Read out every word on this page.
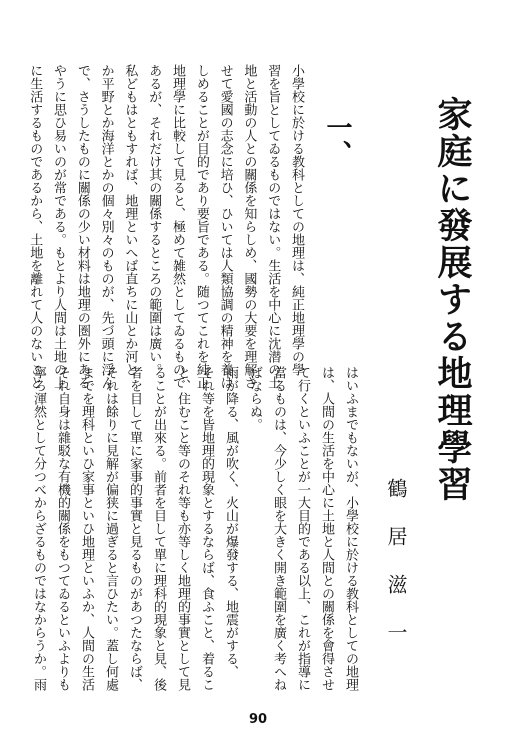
家庭に發展する地理學習
鶴居滋一
一、
小學校に於ける教科としての地理は、純正地理學の學
習を旨としてゐるものではない。生活を中心に沈潜の土
地と活動の人との關係を知らしめ、國勢の大要を理解さ
せて愛國の志念に培ひ、ひいては人類協調の精神を養は
しめることが目的であり要旨である。随つてこれを純正
地理學に比較して見ると、極めて雑然としてゐるもので
あるが、それだけ其の關係するところの範圍は廣い。
私どもはともすれば、地理といへば直ちに山とか河と
か平野とか海洋とかの個々別々のものが、先づ頭に浮ん
で、さうしたものに關係の少い材料は地理の圏外にある
やうに思ひ易いのが常である。もとより人間は土地の上
に生活するものであるから、土地を離れて人のないこと
はいふまでもないが、小學校に於ける教科としての地理
は、人間の生活を中心に土地と人間との關係を會得させ
て行くといふことが一大目的である以上、これが指導に
當るものは、今少しく眼を大きく開き範圍を廣く考へね
ばならぬ。
雨が降る、風が吹く、火山が爆發する、地震がする、
それ等を皆地理的現象とするならば、食ふこと、着るこ
と、住むこと等のそれ等も亦等しく地理的事實として見
ることが出來る。前者を目して單に理科的現象と見、後
者を目して單に家事的事實と見るものがあつたならば、
それは餘りに見解が偏狭に過ぎると言ひたい。蓋し何處
までを理科といひ家事といひ地理といふか、人間の生活
それ自身は雜駁な有機的關係をもつてゐるといふよりも
寧ろ渾然として分つべからざるものではなからうか。雨
90
